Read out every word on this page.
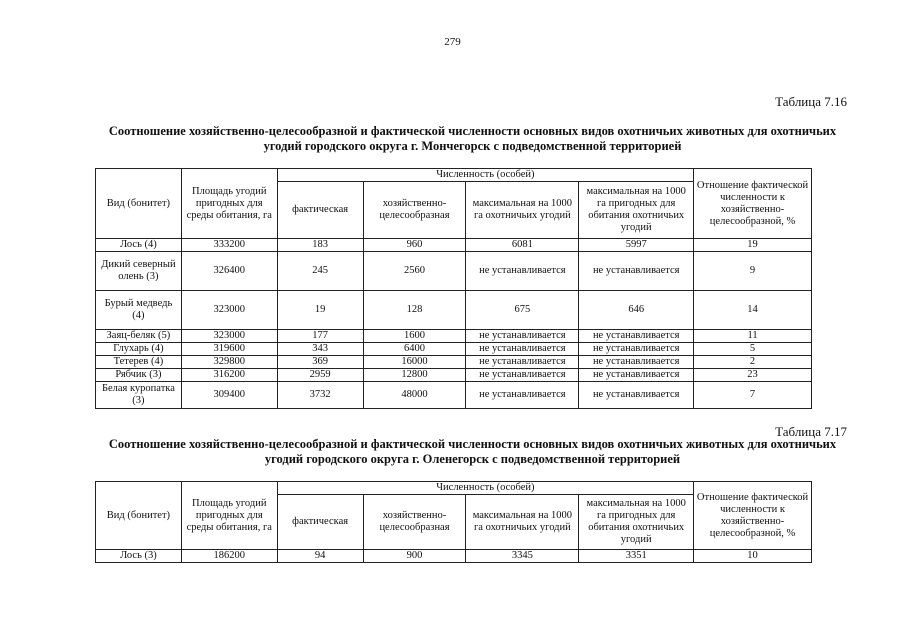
279
Таблица 7.16
Соотношение хозяйственно-целесообразной и фактической численности основных видов охотничьих животных для охотничьих угодий городского округа г. Мончегорск с подведомственной территорией
Вид (бонитет)	Площадь угодий пригодных для среды обитания, га	Численность (особей)				Отношение фактической численности к хозяйственно-целесообразной, %
		фактическая	хозяйственно-целесообразная	максимальная на 1000 га охотничьих угодий	максимальная на 1000 га пригодных для обитания охотничьих угодий	
Лось (4)	333200	183	960	6081	5997	19
Дикий северный олень (3)	326400	245	2560	не устанавливается	не устанавливается	9
Бурый медведь (4)	323000	19	128	675	646	14
Заяц-беляк (5)	323000	177	1600	не устанавливается	не устанавливается	11
Глухарь (4)	319600	343	6400	не устанавливается	не устанавливается	5
Тетерев (4)	329800	369	16000	не устанавливается	не устанавливается	2
Рябчик (3)	316200	2959	12800	не устанавливается	не устанавливается	23
Белая куропатка (3)	309400	3732	48000	не устанавливается	не устанавливается	7
Таблица 7.17
Соотношение хозяйственно-целесообразной и фактической численности основных видов охотничьих животных для охотничьих угодий городского округа г. Оленегорск с подведомственной территорией
Вид (бонитет)	Площадь угодий пригодных для среды обитания, га	Численность (особей)				Отношение фактической численности к хозяйственно-целесообразной, %
		фактическая	хозяйственно-целесообразная	максимальная на 1000 га охотничьих угодий	максимальная на 1000 га пригодных для обитания охотничьих угодий	
Лось (3)	186200	94	900	3345	3351	10
